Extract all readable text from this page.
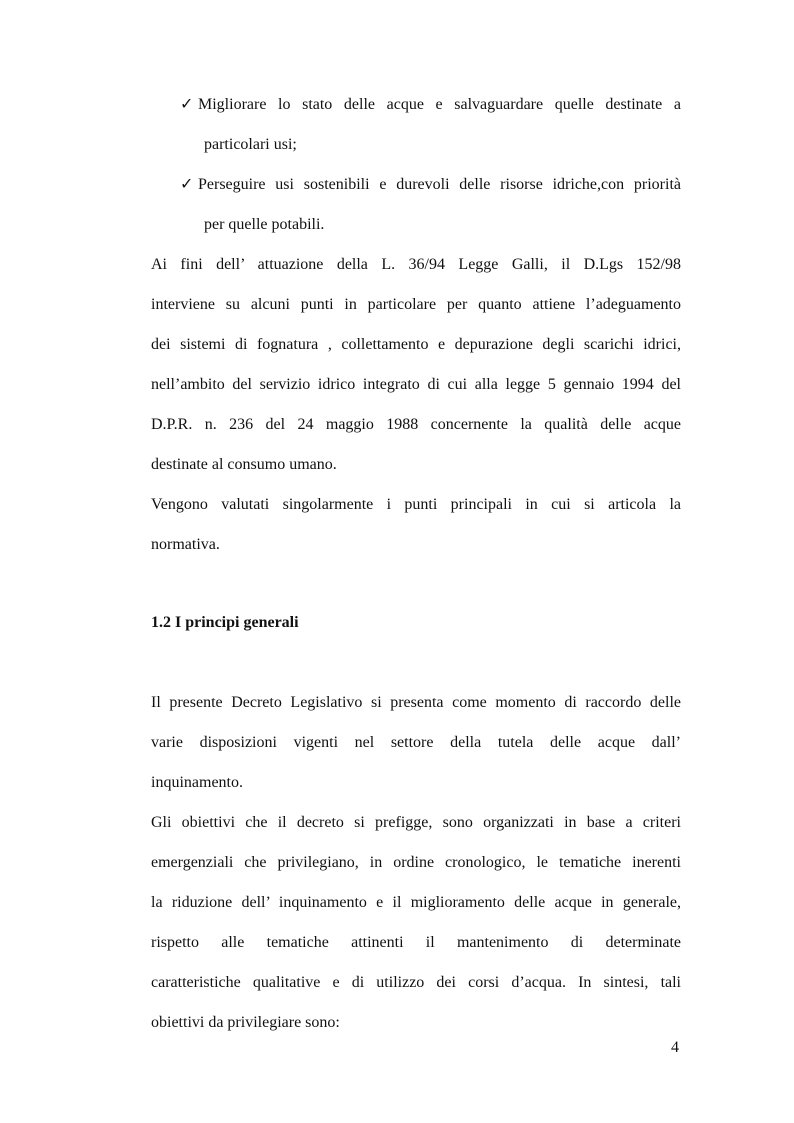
✓ Migliorare lo stato delle acque e salvaguardare quelle destinate a
particolari usi;
✓ Perseguire usi sostenibili e durevoli delle risorse idriche,con priorità
per quelle potabili.
Ai fini dell’ attuazione della L. 36/94 Legge Galli, il D.Lgs 152/98
interviene su alcuni punti in particolare per quanto attiene l’adeguamento
dei sistemi di fognatura , collettamento e depurazione degli scarichi idrici,
nell’ambito del servizio idrico integrato di cui alla legge 5 gennaio 1994 del
D.P.R. n. 236 del 24 maggio 1988 concernente la qualità delle acque
destinate al consumo umano.
Vengono valutati singolarmente i punti principali in cui si articola la
normativa.
1.2 I principi generali
Il presente Decreto Legislativo si presenta come momento di raccordo delle
varie disposizioni vigenti nel settore della tutela delle acque dall’
inquinamento.
Gli obiettivi che il decreto si prefigge, sono organizzati in base a criteri
emergenziali che privilegiano, in ordine cronologico, le tematiche inerenti
la riduzione dell’ inquinamento e il miglioramento delle acque in generale,
rispetto alle tematiche attinenti il mantenimento di determinate
caratteristiche qualitative e di utilizzo dei corsi d’acqua. In sintesi, tali
obiettivi da privilegiare sono:
4
